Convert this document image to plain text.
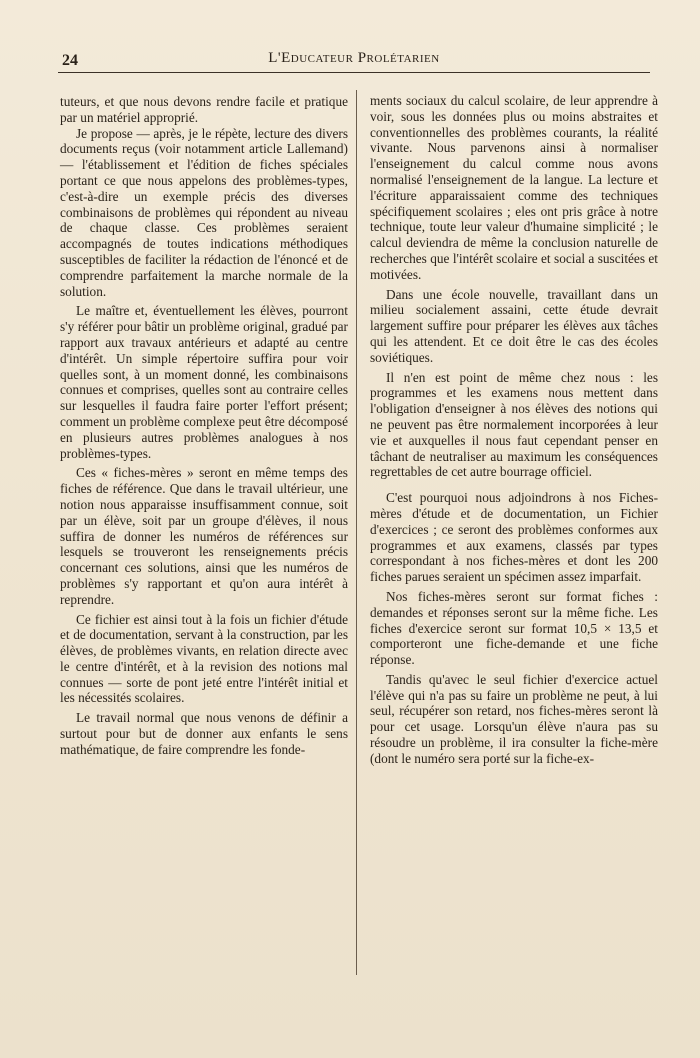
24	L'Educateur Prolétarien

tuteurs, et que nous devons rendre facile et pratique par un matériel approprié.

Je propose — après, je le répète, lecture des divers documents reçus (voir notamment article Lallemand) — l'établissement et l'édition de fiches spéciales portant ce que nous appelons des problèmes-types, c'est-à-dire un exemple précis des diverses combinaisons de problèmes qui répondent au niveau de chaque classe. Ces problèmes seraient accompagnés de toutes indications méthodiques susceptibles de faciliter la rédaction de l'énoncé et de comprendre parfaitement la marche normale de la solution.

Le maître et, éventuellement les élèves, pourront s'y référer pour bâtir un problème original, gradué par rapport aux travaux antérieurs et adapté au centre d'intérêt. Un simple répertoire suffira pour voir quelles sont, à un moment donné, les combinaisons connues et comprises, quelles sont au contraire celles sur lesquelles il faudra faire porter l'effort présent; comment un problème complexe peut être décomposé en plusieurs autres problèmes analogues à nos problèmes-types.

Ces « fiches-mères » seront en même temps des fiches de référence. Que dans le travail ultérieur, une notion nous apparaisse insuffisamment connue, soit par un élève, soit par un groupe d'élèves, il nous suffira de donner les numéros de références sur lesquels se trouveront les renseignements précis concernant ces solutions, ainsi que les numéros de problèmes s'y rapportant et qu'on aura intérêt à reprendre.

Ce fichier est ainsi tout à la fois un fichier d'étude et de documentation, servant à la construction, par les élèves, de problèmes vivants, en relation directe avec le centre d'intérêt, et à la revision des notions mal connues — sorte de pont jeté entre l'intérêt initial et les nécessités scolaires.

Le travail normal que nous venons de définir a surtout pour but de donner aux enfants le sens mathématique, de faire comprendre les fonde-

ments sociaux du calcul scolaire, de leur apprendre à voir, sous les données plus ou moins abstraites et conventionnelles des problèmes courants, la réalité vivante. Nous parvenons ainsi à normaliser l'enseignement du calcul comme nous avons normalisé l'enseignement de la langue. La lecture et l'écriture apparaissaient comme des techniques spécifiquement scolaires ; eles ont pris grâce à notre technique, toute leur valeur d'humaine simplicité ; le calcul deviendra de même la conclusion naturelle de recherches que l'intérêt scolaire et social a suscitées et motivées.

Dans une école nouvelle, travaillant dans un milieu socialement assaini, cette étude devrait largement suffire pour préparer les élèves aux tâches qui les attendent. Et ce doit être le cas des écoles soviétiques.

Il n'en est point de même chez nous : les programmes et les examens nous mettent dans l'obligation d'enseigner à nos élèves des notions qui ne peuvent pas être normalement incorporées à leur vie et auxquelles il nous faut cependant penser en tâchant de neutraliser au maximum les conséquences regrettables de cet autre bourrage officiel.

C'est pourquoi nous adjoindrons à nos Fiches-mères d'étude et de documentation, un Fichier d'exercices ; ce seront des problèmes conformes aux programmes et aux examens, classés par types correspondant à nos fiches-mères et dont les 200 fiches parues seraient un spécimen assez imparfait.

Nos fiches-mères seront sur format fiches : demandes et réponses seront sur la même fiche. Les fiches d'exercice seront sur format 10,5 × 13,5 et comporteront une fiche-demande et une fiche réponse.

Tandis qu'avec le seul fichier d'exercice actuel l'élève qui n'a pas su faire un problème ne peut, à lui seul, récupérer son retard, nos fiches-mères seront là pour cet usage. Lorsqu'un élève n'aura pas su résoudre un problème, il ira consulter la fiche-mère (dont le numéro sera porté sur la fiche-ex-
